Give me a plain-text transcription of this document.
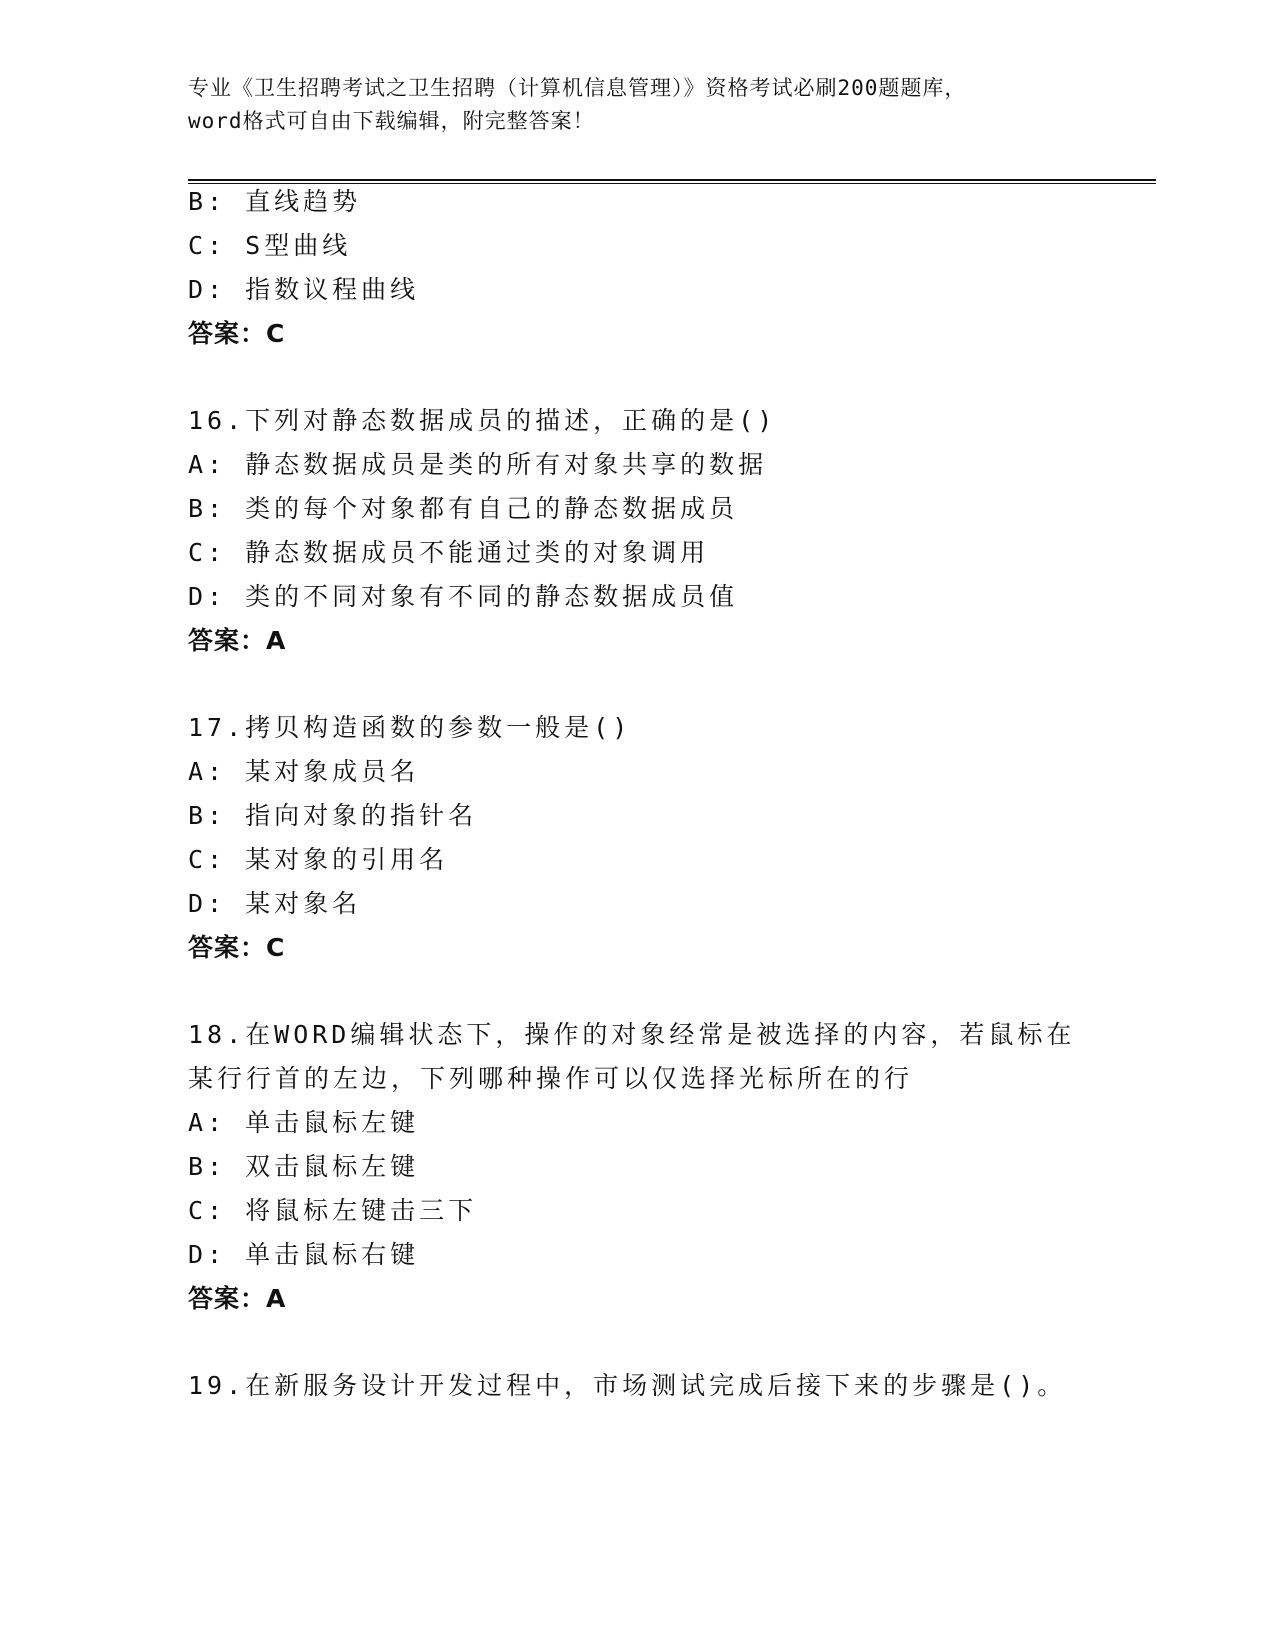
专业《卫生招聘考试之卫生招聘（计算机信息管理）》资格考试必刷200题题库，
word格式可自由下载编辑，附完整答案！
B: 直线趋势
C: S型曲线
D: 指数议程曲线
答案：C
16.下列对静态数据成员的描述，正确的是()
A: 静态数据成员是类的所有对象共享的数据
B: 类的每个对象都有自己的静态数据成员
C: 静态数据成员不能通过类的对象调用
D: 类的不同对象有不同的静态数据成员值
答案：A
17.拷贝构造函数的参数一般是()
A: 某对象成员名
B: 指向对象的指针名
C: 某对象的引用名
D: 某对象名
答案：C
18.在WORD编辑状态下，操作的对象经常是被选择的内容，若鼠标在
某行行首的左边，下列哪种操作可以仅选择光标所在的行
A: 单击鼠标左键
B: 双击鼠标左键
C: 将鼠标左键击三下
D: 单击鼠标右键
答案：A
19.在新服务设计开发过程中，市场测试完成后接下来的步骤是()。
